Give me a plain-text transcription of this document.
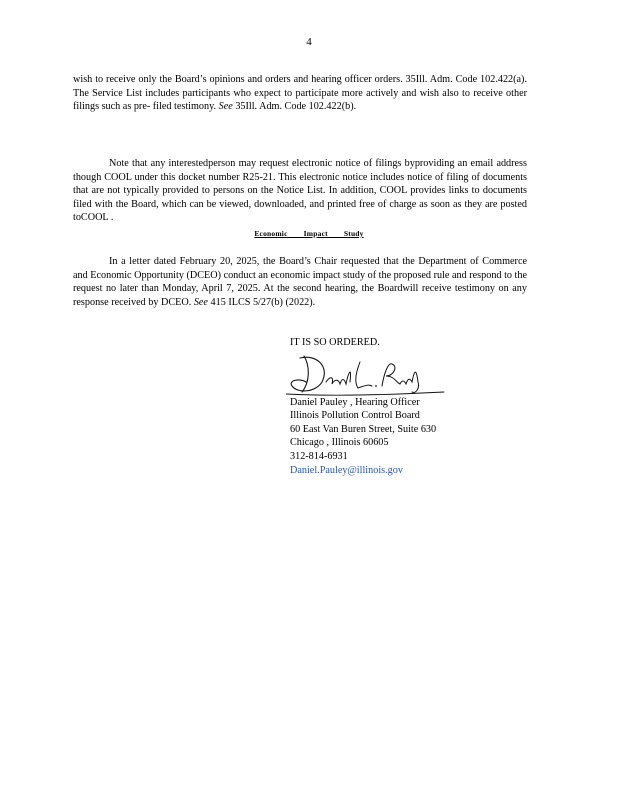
4
wish to receive only the Board’s opinions and orders and hearing officer orders. 35Ill. Adm. Code 102.422(a). The Service List includes participants who expect to participate more actively and wish also to receive other filings such as pre- filed testimony. See 35Ill. Adm. Code 102.422(b).
Note that any interestedperson may request electronic notice of filings byproviding an email address though COOL under this docket number R25-21. This electronic notice includes notice of filing of documents that are not typically provided to persons on the Notice List. In addition, COOL provides links to documents filed with the Board, which can be viewed, downloaded, and printed free of charge as soon as they are posted toCOOL .
Economic Impact Study
In a letter dated February 20, 2025, the Board’s Chair requested that the Department of Commerce and Economic Opportunity (DCEO) conduct an economic impact study of the proposed rule and respond to the request no later than Monday, April 7, 2025. At the second hearing, the Boardwill receive testimony on any response received by DCEO. See 415 ILCS 5/27(b) (2022).
IT IS SO ORDERED.
Daniel Pauley , Hearing Officer
Illinois Pollution Control Board
60 East Van Buren Street, Suite 630
Chicago , Illinois 60605
312-814-6931
Daniel.Pauley@illinois.gov
